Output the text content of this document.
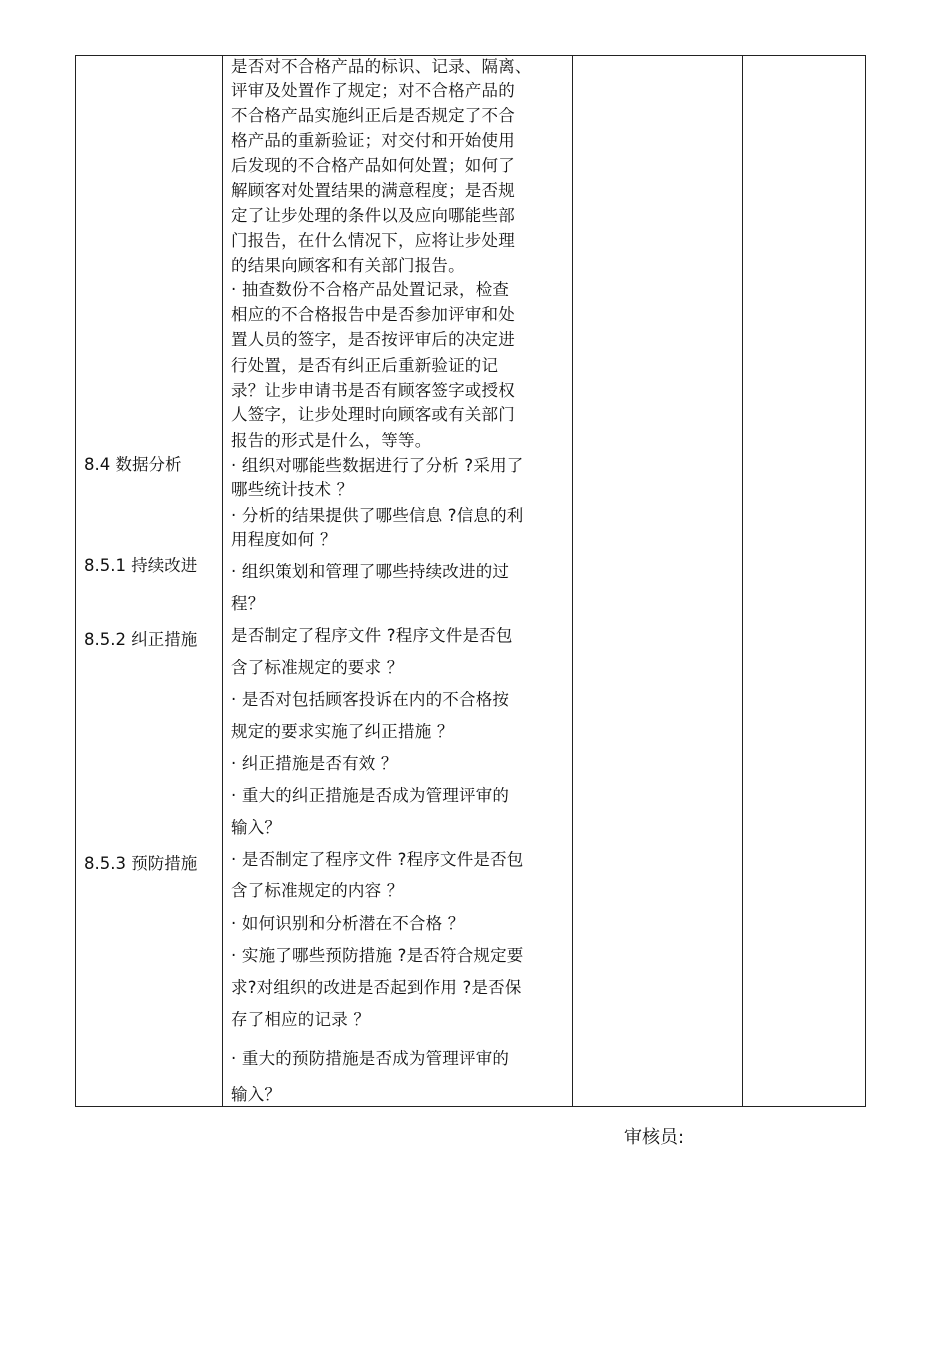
8.4 数据分析
8.5.1 持续改进
8.5.2 纠正措施
8.5.3 预防措施
是否对不合格产品的标识、记录、隔离、
评审及处置作了规定；对不合格产品的
不合格产品实施纠正后是否规定了不合
格产品的重新验证；对交付和开始使用
后发现的不合格产品如何处置；如何了
解顾客对处置结果的满意程度；是否规
定了让步处理的条件以及应向哪能些部
门报告，在什么情况下，应将让步处理
的结果向顾客和有关部门报告。
· 抽查数份不合格产品处置记录，检查
相应的不合格报告中是否参加评审和处
置人员的签字，是否按评审后的决定进
行处置，是否有纠正后重新验证的记
录？让步申请书是否有顾客签字或授权
人签字，让步处理时向顾客或有关部门
报告的形式是什么，等等。
· 组织对哪能些数据进行了分析 ?采用了
哪些统计技术 ？
· 分析的结果提供了哪些信息 ?信息的利
用程度如何 ？
· 组织策划和管理了哪些持续改进的过
程？
是否制定了程序文件 ?程序文件是否包
含了标准规定的要求 ？
· 是否对包括顾客投诉在内的不合格按
规定的要求实施了纠正措施 ？
· 纠正措施是否有效 ？
· 重大的纠正措施是否成为管理评审的
输入？
· 是否制定了程序文件 ?程序文件是否包
含了标准规定的内容 ？
· 如何识别和分析潜在不合格 ？
· 实施了哪些预防措施 ?是否符合规定要
求?对组织的改进是否起到作用 ?是否保
存了相应的记录 ？
· 重大的预防措施是否成为管理评审的
输入？
审核员:
